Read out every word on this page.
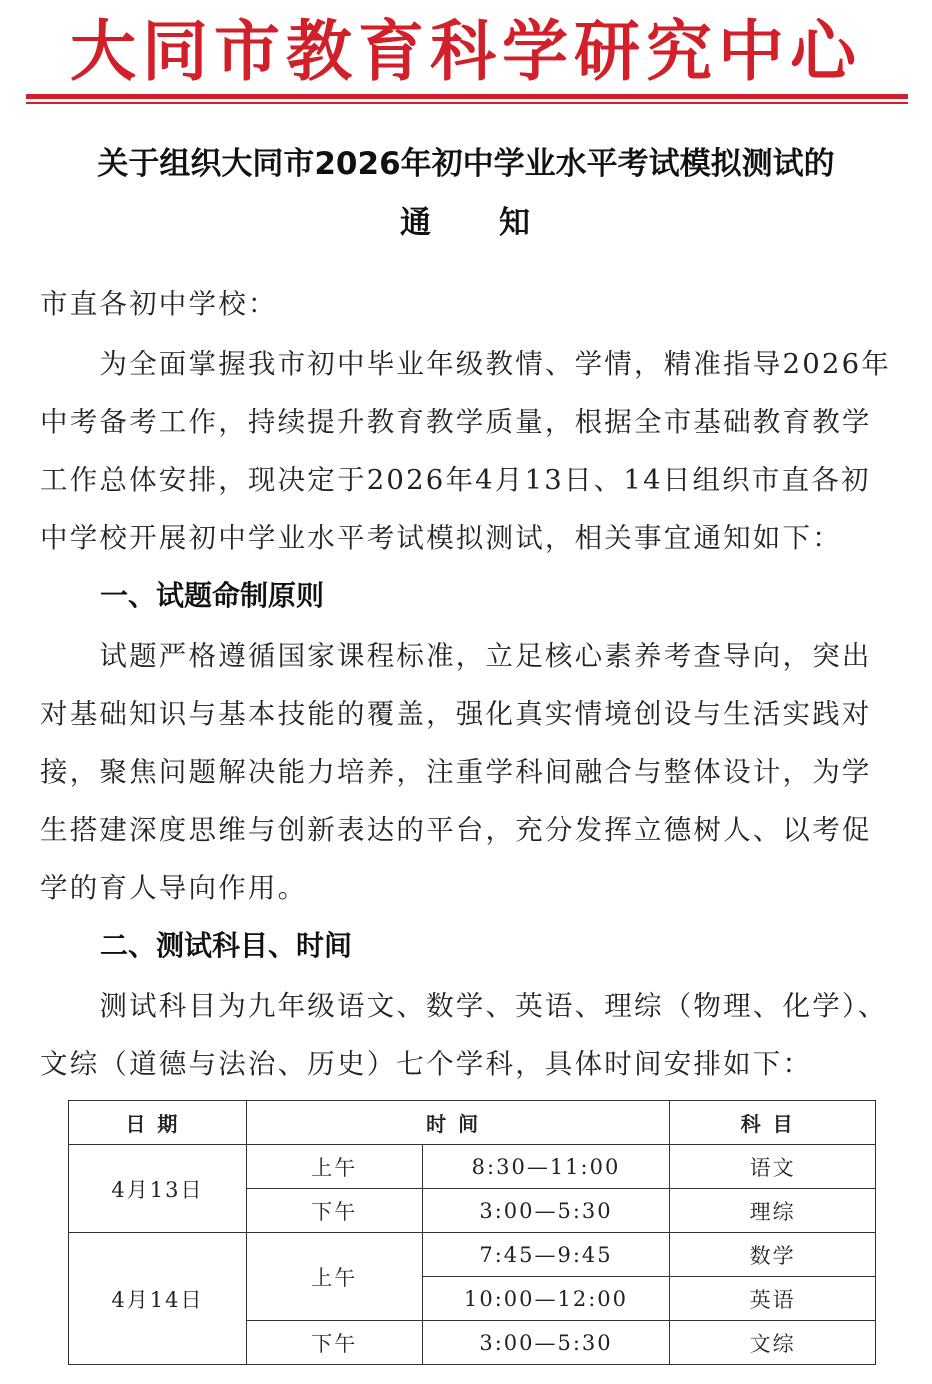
大同市教育科学研究中心
关于组织大同市2026年初中学业水平考试模拟测试的
通　　知
市直各初中学校：
　　为全面掌握我市初中毕业年级教情、学情，精准指导2026年
中考备考工作，持续提升教育教学质量，根据全市基础教育教学
工作总体安排，现决定于2026年4月13日、14日组织市直各初
中学校开展初中学业水平考试模拟测试，相关事宜通知如下：
一、试题命制原则
　　试题严格遵循国家课程标准，立足核心素养考查导向，突出
对基础知识与基本技能的覆盖，强化真实情境创设与生活实践对
接，聚焦问题解决能力培养，注重学科间融合与整体设计，为学
生搭建深度思维与创新表达的平台，充分发挥立德树人、以考促
学的育人导向作用。
二、测试科目、时间
　　测试科目为九年级语文、数学、英语、理综（物理、化学）、
文综（道德与法治、历史）七个学科，具体时间安排如下：
日期	时间		科目
4月13日	上午	8:30—11:00	语文
	下午	3:00—5:30	理综
4月14日	上午	7:45—9:45	数学
		10:00—12:00	英语
	下午	3:00—5:30	文综
